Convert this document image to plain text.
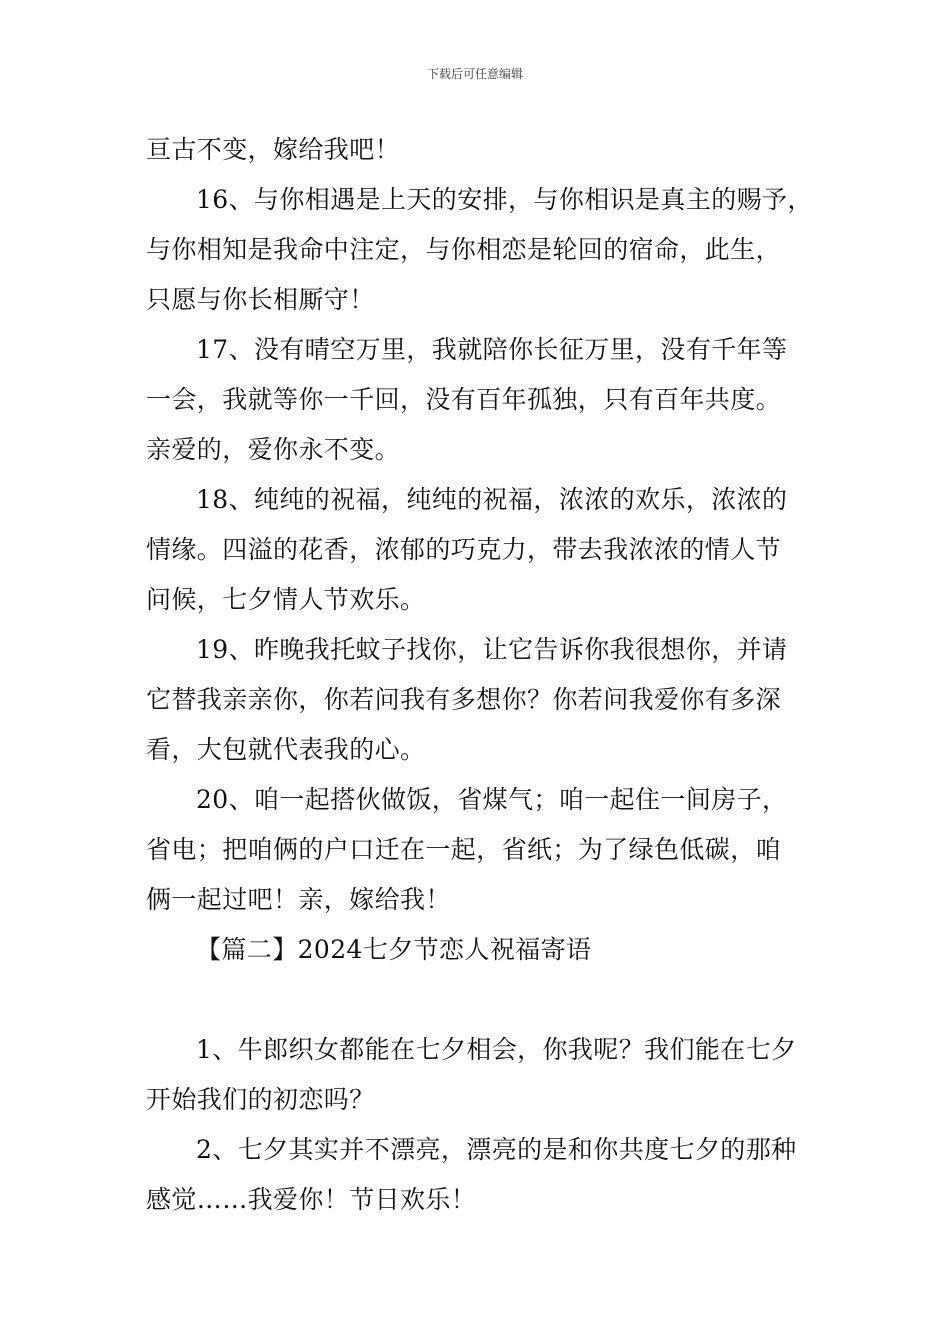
下载后可任意编辑
亘古不变，嫁给我吧！
16、与你相遇是上天的安排，与你相识是真主的赐予，
与你相知是我命中注定，与你相恋是轮回的宿命，此生，
只愿与你长相厮守！
17、没有晴空万里，我就陪你长征万里，没有千年等
一会，我就等你一千回，没有百年孤独，只有百年共度。
亲爱的，爱你永不变。
18、纯纯的祝福，纯纯的祝福，浓浓的欢乐，浓浓的
情缘。四溢的花香，浓郁的巧克力，带去我浓浓的情人节
问候，七夕情人节欢乐。
19、昨晚我托蚊子找你，让它告诉你我很想你，并请
它替我亲亲你，你若问我有多想你？你若问我爱你有多深
看，大包就代表我的心。
20、咱一起搭伙做饭，省煤气；咱一起住一间房子，
省电；把咱俩的户口迁在一起，省纸；为了绿色低碳，咱
俩一起过吧！亲，嫁给我！
【篇二】2024七夕节恋人祝福寄语
1、牛郎织女都能在七夕相会，你我呢？我们能在七夕
开始我们的初恋吗？
2、七夕其实并不漂亮，漂亮的是和你共度七夕的那种
感觉……我爱你！节日欢乐！
